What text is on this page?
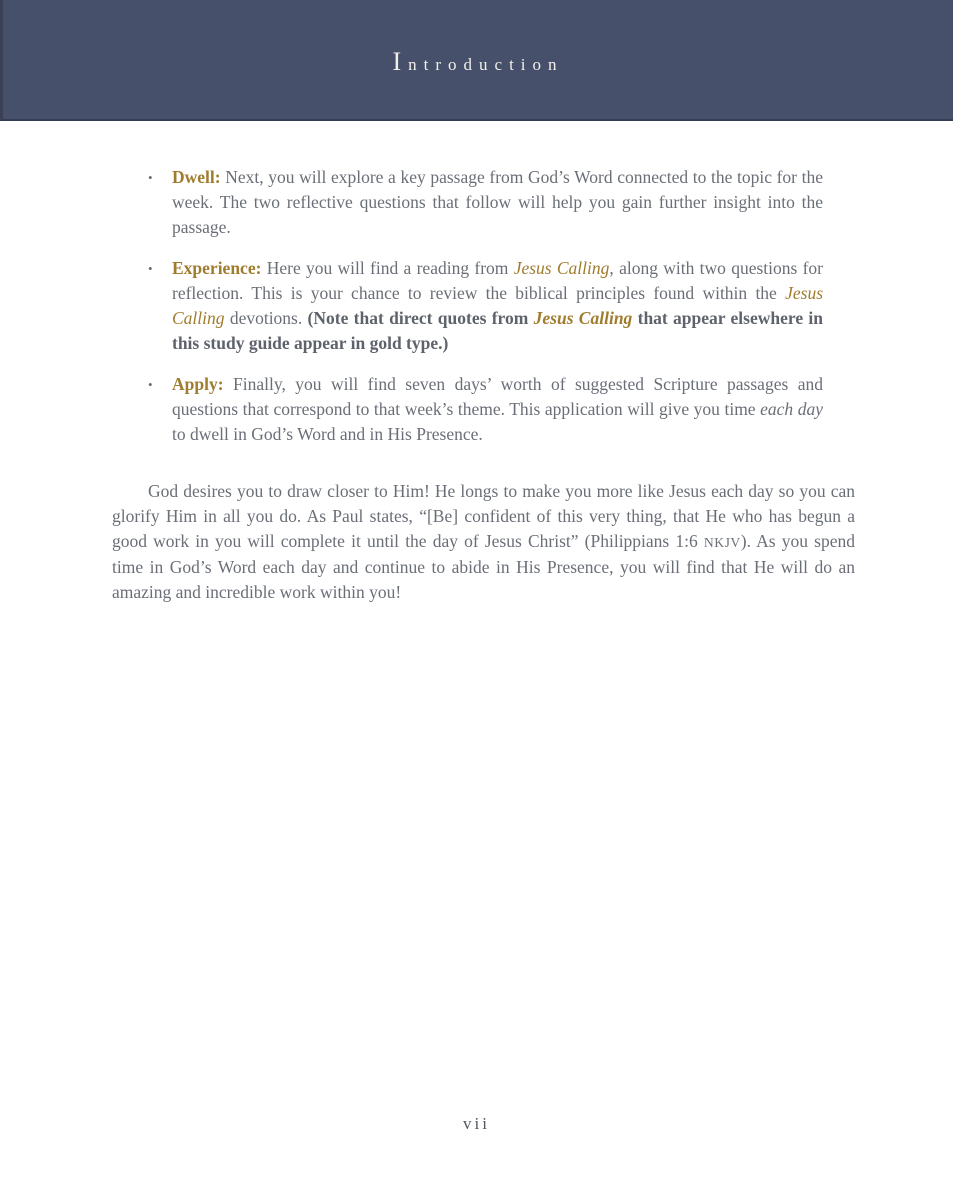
Introduction
•	Dwell: Next, you will explore a key passage from God’s Word connected to the topic for the week. The two reflective questions that follow will help you gain further insight into the passage.
•	Experience: Here you will find a reading from Jesus Calling, along with two questions for reflection. This is your chance to review the biblical principles found within the Jesus Calling devotions. (Note that direct quotes from Jesus Calling that appear elsewhere in this study guide appear in gold type.)
•	Apply: Finally, you will find seven days’ worth of suggested Scripture passages and questions that correspond to that week’s theme. This application will give you time each day to dwell in God’s Word and in His Presence.

God desires you to draw closer to Him! He longs to make you more like Jesus each day so you can glorify Him in all you do. As Paul states, “[Be] confident of this very thing, that He who has begun a good work in you will complete it until the day of Jesus Christ” (Philippians 1:6 NKJV). As you spend time in God’s Word each day and continue to abide in His Presence, you will find that He will do an amazing and incredible work within you!

vii
